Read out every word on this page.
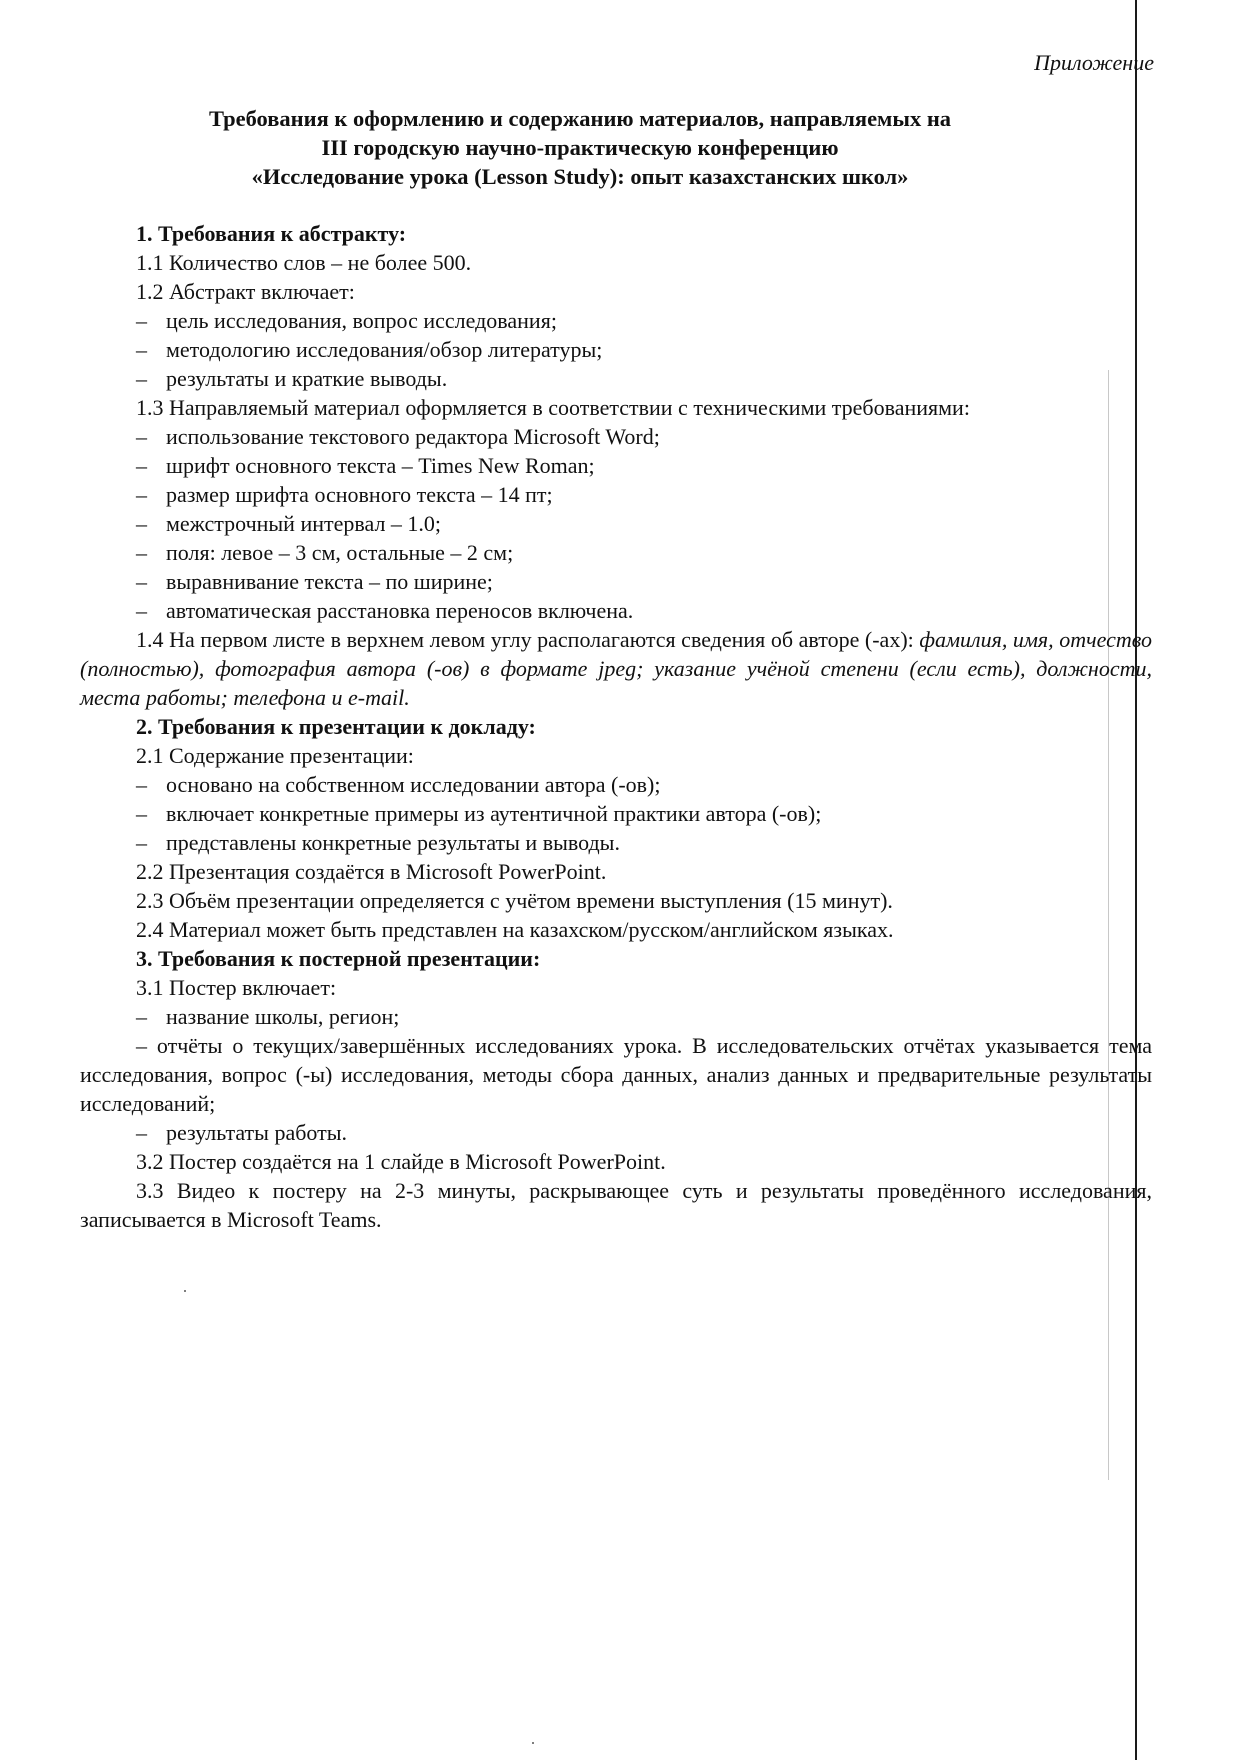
Приложение
Требования к оформлению и содержанию материалов, направляемых на
III городскую научно-практическую конференцию
«Исследование урока (Lesson Study): опыт казахстанских школ»
1. Требования к абстракту:
1.1 Количество слов – не более 500.
1.2 Абстракт включает:
– цель исследования, вопрос исследования;
– методологию исследования/обзор литературы;
– результаты и краткие выводы.
1.3 Направляемый материал оформляется в соответствии с техническими требованиями:
– использование текстового редактора Microsoft Word;
– шрифт основного текста – Times New Roman;
– размер шрифта основного текста – 14 пт;
– межстрочный интервал – 1.0;
– поля: левое – 3 см, остальные – 2 см;
– выравнивание текста – по ширине;
– автоматическая расстановка переносов включена.
1.4 На первом листе в верхнем левом углу располагаются сведения об авторе (-ах): фамилия, имя, отчество (полностью), фотография автора (-ов) в формате jpeg; указание учёной степени (если есть), должности, места работы; телефона и e-mail.
2. Требования к презентации к докладу:
2.1 Содержание презентации:
– основано на собственном исследовании автора (-ов);
– включает конкретные примеры из аутентичной практики автора (-ов);
– представлены конкретные результаты и выводы.
2.2 Презентация создаётся в Microsoft PowerPoint.
2.3 Объём презентации определяется с учётом времени выступления (15 минут).
2.4 Материал может быть представлен на казахском/русском/английском языках.
3. Требования к постерной презентации:
3.1 Постер включает:
– название школы, регион;
– отчёты о текущих/завершённых исследованиях урока. В исследовательских отчётах указывается тема исследования, вопрос (-ы) исследования, методы сбора данных, анализ данных и предварительные результаты исследований;
– результаты работы.
3.2 Постер создаётся на 1 слайде в Microsoft PowerPoint.
3.3 Видео к постеру на 2-3 минуты, раскрывающее суть и результаты проведённого исследования, записывается в Microsoft Teams.
